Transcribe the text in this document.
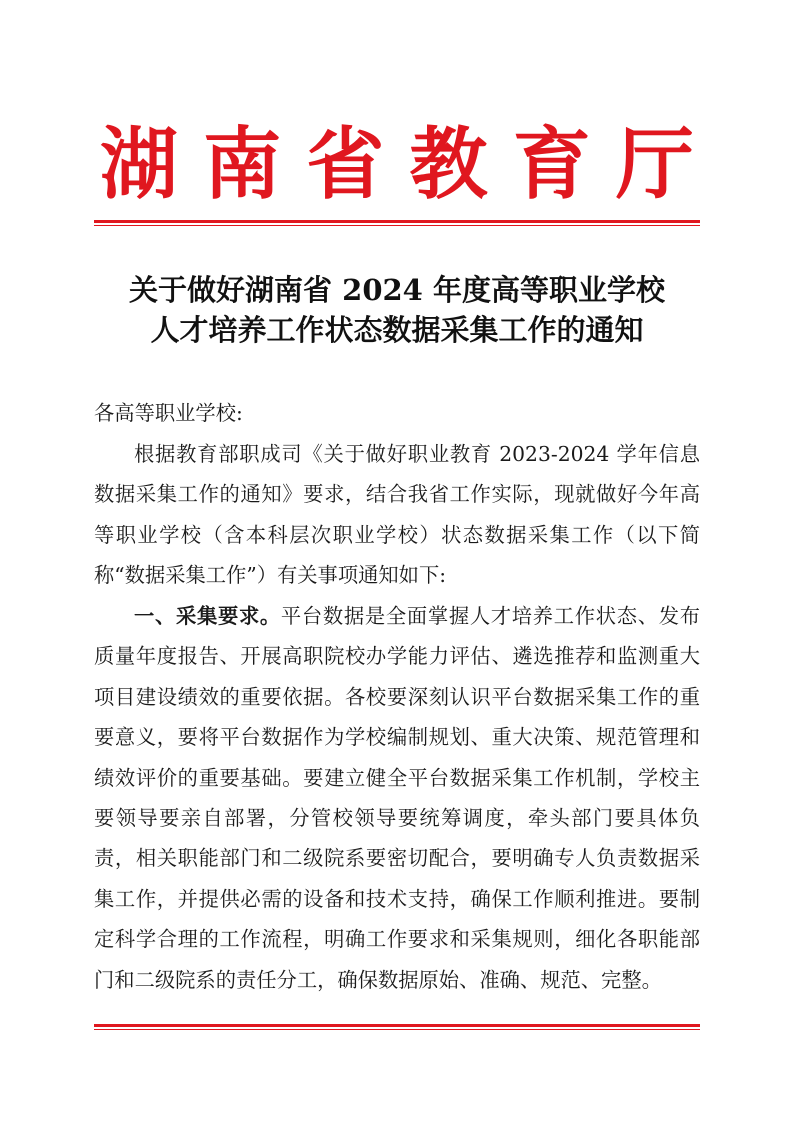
湖 南 省 教 育 厅
关于做好湖南省 2024 年度高等职业学校
人才培养工作状态数据采集工作的通知
各高等职业学校:
根据教育部职成司《关于做好职业教育 2023-2024 学年信息数据采集工作的通知》要求，结合我省工作实际，现就做好今年高等职业学校（含本科层次职业学校）状态数据采集工作（以下简称“数据采集工作”）有关事项通知如下:
一、采集要求。平台数据是全面掌握人才培养工作状态、发布质量年度报告、开展高职院校办学能力评估、遴选推荐和监测重大项目建设绩效的重要依据。各校要深刻认识平台数据采集工作的重要意义，要将平台数据作为学校编制规划、重大决策、规范管理和绩效评价的重要基础。要建立健全平台数据采集工作机制，学校主要领导要亲自部署，分管校领导要统筹调度，牵头部门要具体负责，相关职能部门和二级院系要密切配合，要明确专人负责数据采集工作，并提供必需的设备和技术支持，确保工作顺利推进。要制定科学合理的工作流程，明确工作要求和采集规则，细化各职能部门和二级院系的责任分工，确保数据原始、准确、规范、完整。
